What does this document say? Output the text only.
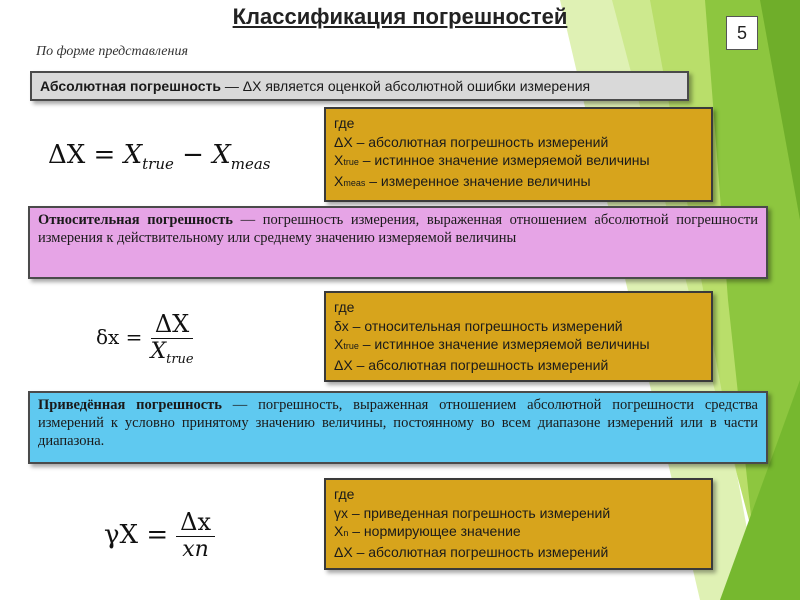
Классификация погрешностей
5
По форме представления
Абсолютная погрешность — ΔX является оценкой абсолютной ошибки измерения
$\Delta X = X_{true} - X_{meas}$
где
ΔX – абсолютная погрешность измерений
Xtrue – истинное значение измеряемой величины
Xmeas – измеренное значение величины
Относительная погрешность — погрешность измерения, выраженная отношением абсолютной погрешности измерения к действительному или среднему значению измеряемой величины
$\delta x = \frac{\Delta X}{X_{true}}$
где
δx – относительная погрешность измерений
Xtrue – истинное значение измеряемой величины
ΔX – абсолютная погрешность измерений
Приведённая погрешность — погрешность, выраженная отношением абсолютной погрешности средства измерений к условно принятому значению величины, постоянному во всем диапазоне измерений или в части диапазона.
$\gamma X = \frac{\Delta x}{xn}$
где
γх – приведенная погрешность измерений
Xn – нормирующее значение
ΔX – абсолютная погрешность измерений
